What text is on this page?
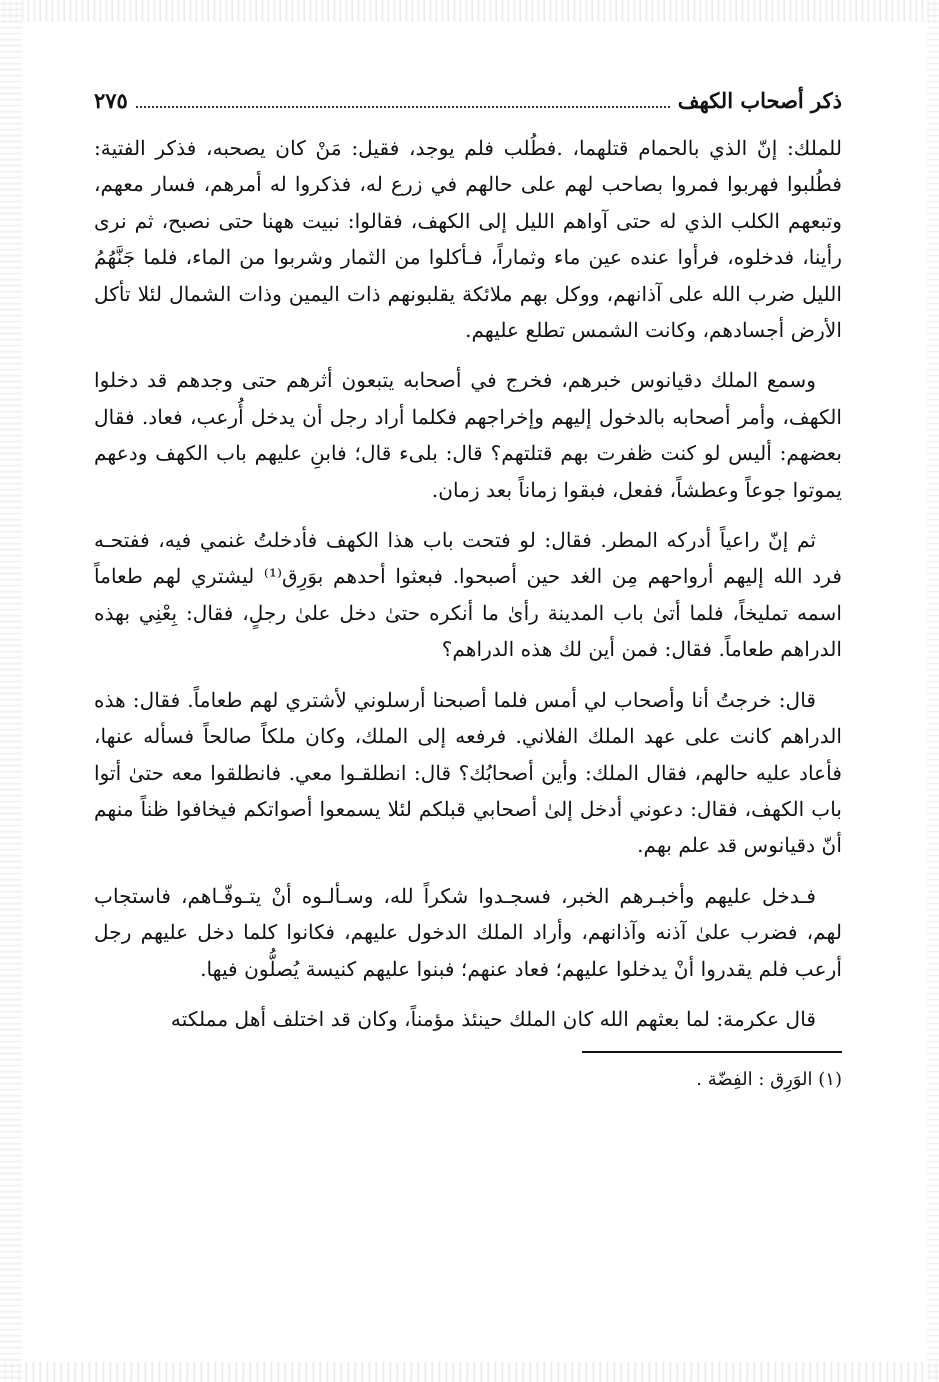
ذكر أصحاب الكهف
٢٧٥

للملك: إنّ الذي بالحمام قتلهما، .فطُلب فلم يوجد، فقيل: مَنْ كان يصحبه، فذكر الفتية: فطُلبوا فهربوا فمروا بصاحب لهم على حالهم في زرع له، فذكروا له أمرهم، فسار معهم، وتبعهم الكلب الذي له حتى آواهم الليل إلى الكهف، فقالوا: نبيت ههنا حتى نصبح، ثم نرى رأينا، فدخلوه، فرأوا عنده عين ماء وثماراً، فـأكلوا من الثمار وشربوا من الماء، فلما جَنَّهُمُ الليل ضرب الله على آذانهم، ووكل بهم ملائكة يقلبونهم ذات اليمين وذات الشمال لئلا تأكل الأرض أجسادهم، وكانت الشمس تطلع عليهم.

وسمع الملك دقيانوس خبرهم، فخرج في أصحابه يتبعون أثرهم حتى وجدهم قد دخلوا الكهف، وأمر أصحابه بالدخول إليهم وإخراجهم فكلما أراد رجل أن يدخل أُرعب، فعاد. فقال بعضهم: أليس لو كنت ظفرت بهم قتلتهم؟ قال: بلىء قال؛ فابنِ عليهم باب الكهف ودعهم يموتوا جوعاً وعطشاً، ففعل، فبقوا زماناً بعد زمان.

ثم إنّ راعياً أدركه المطر. فقال: لو فتحت باب هذا الكهف فأدخلتُ غنمي فيه، ففتحـه فرد الله إليهم أرواحهم مِن الغد حين أصبحوا. فبعثوا أحدهم بوَرِق⁽¹⁾ ليشتري لهم طعاماً اسمه تمليخاً، فلما أتىٰ باب المدينة رأىٰ ما أنكره حتىٰ دخل علىٰ رجلٍ، فقال: بِعْنِي بهذه الدراهم طعاماً. فقال: فمن أين لك هذه الدراهم؟

قال: خرجتُ أنا وأصحاب لي أمس فلما أصبحنا أرسلوني لأشتري لهم طعاماً. فقال: هذه الدراهم كانت على عهد الملك الفلاني. فرفعه إلى الملك، وكان ملكاً صالحاً فسأله عنها، فأعاد عليه حالهم، فقال الملك: وأين أصحابُك؟ قال: انطلقـوا معي. فانطلقوا معه حتىٰ أتوا باب الكهف، فقال: دعوني أدخل إلىٰ أصحابي قبلكم لئلا يسمعوا أصواتكم فيخافوا ظناً منهم أنّ دقيانوس قد علم بهم.

فـدخل عليهم وأخبـرهم الخبر، فسجـدوا شكراً لله، وسـألـوه أنْ يتـوفّـاهم، فاستجاب لهم، فضرب علىٰ آذنه وآذانهم، وأراد الملك الدخول عليهم، فكانوا كلما دخل عليهم رجل أرعب فلم يقدروا أنْ يدخلوا عليهم؛ فعاد عنهم؛ فبنوا عليهم كنيسة يُصلُّون فيها.

قال عكرمة: لما بعثهم الله كان الملك حينئذ مؤمناً، وكان قد اختلف أهل مملكته

(١) الوَرِق : الفِضّة .
